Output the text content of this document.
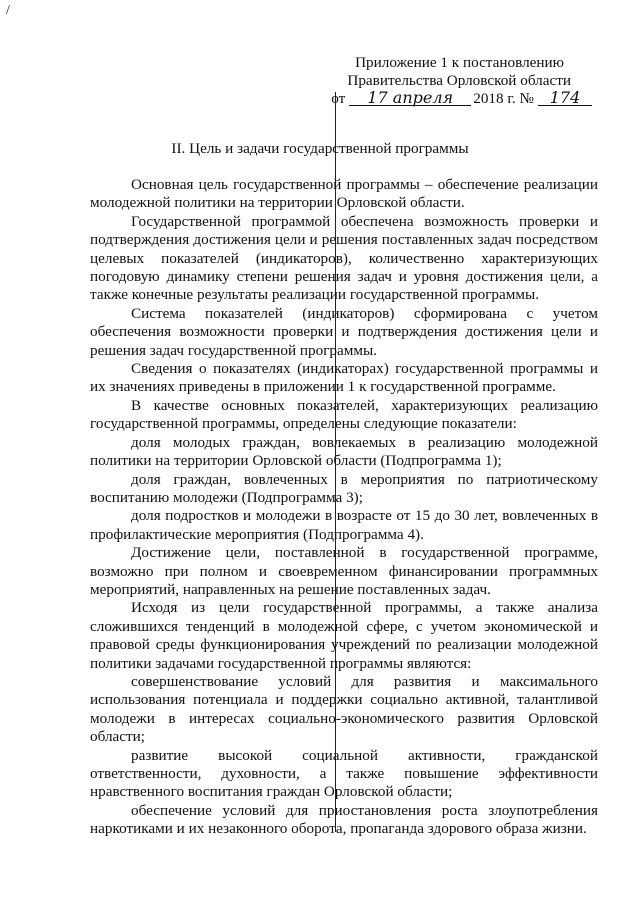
/
Приложение 1 к постановлению
Правительства Орловской области
от	17 апреля	2018 г. № 174
II. Цель и задачи государственной программы

Основная цель государственной программы – обеспечение реализации молодежной политики на территории Орловской области.

Государственной программой обеспечена возможность проверки и подтверждения достижения цели и решения поставленных задач посредством целевых показателей (индикаторов), количественно характеризующих погодовую динамику степени решения задач и уровня достижения цели, а также конечные результаты реализации государственной программы.

Система показателей (индикаторов) сформирована с учетом обеспечения возможности проверки и подтверждения достижения цели и решения задач государственной программы.

Сведения о показателях (индикаторах) государственной программы и их значениях приведены в приложении 1 к государственной программе.

В качестве основных показателей, характеризующих реализацию государственной программы, определены следующие показатели:

доля молодых граждан, вовлекаемых в реализацию молодежной политики на территории Орловской области (Подпрограмма 1);

доля граждан, вовлеченных в мероприятия по патриотическому воспитанию молодежи (Подпрограмма 3);

доля подростков и молодежи в возрасте от 15 до 30 лет, вовлеченных в профилактические мероприятия (Подпрограмма 4).

Достижение цели, поставленной в государственной программе, возможно при полном и своевременном финансировании программных мероприятий, направленных на решение поставленных задач.

Исходя из цели государственной программы, а также анализа сложившихся тенденций в молодежной сфере, с учетом экономической и правовой среды функционирования учреждений по реализации молодежной политики задачами государственной программы являются:

совершенствование условий для развития и максимального использования потенциала и поддержки социально активной, талантливой молодежи в интересах социально-экономического развития Орловской области;

развитие высокой социальной активности, гражданской ответственности, духовности, а также повышение эффективности нравственного воспитания граждан Орловской области;

обеспечение условий для приостановления роста злоупотребления наркотиками и их незаконного оборота, пропаганда здорового образа жизни.
